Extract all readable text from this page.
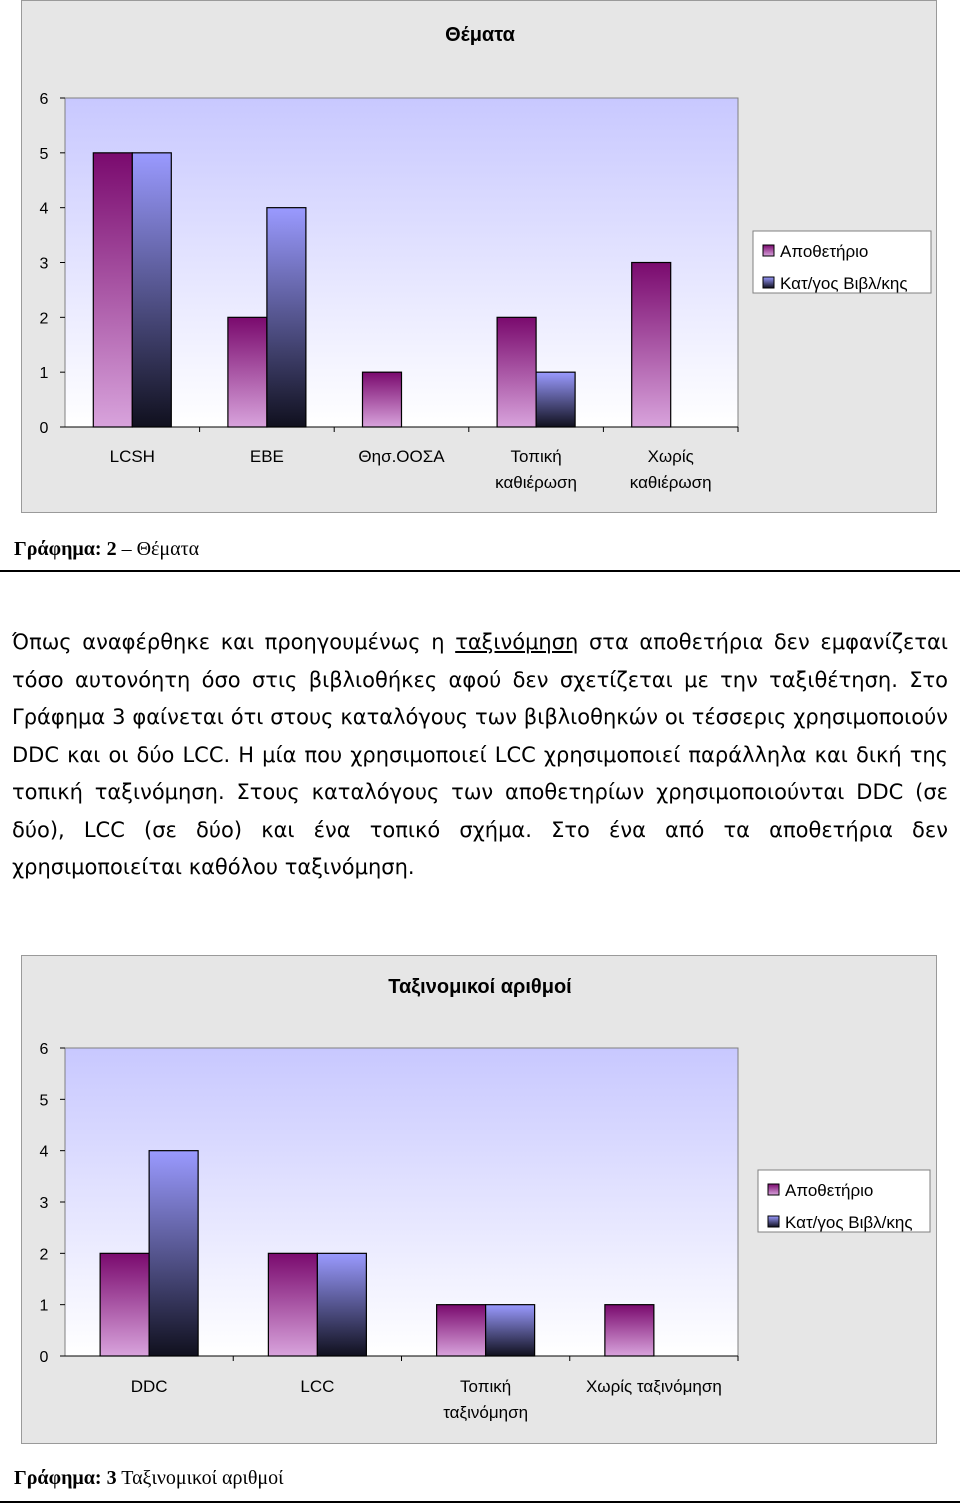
Θέματα
0
1
2
3
4
5
6
LCSH	ΕΒΕ	Θησ.ΟΟΣΑ	Τοπική καθιέρωση
Χωρίς καθιέρωση
Αποθετήριο
Κατ/γος Βιβλ/κης
Γράφημα: 2 – Θέματα
Όπως αναφέρθηκε και προηγουμένως η ταξινόμηση στα αποθετήρια δεν εμφανίζεται τόσο αυτονόητη όσο στις βιβλιοθήκες αφού δεν σχετίζεται με την ταξιθέτηση. Στο Γράφημα 3 φαίνεται ότι στους καταλόγους των βιβλιοθηκών οι τέσσερις χρησιμοποιούν DDC και οι δύο LCC. Η μία που χρησιμοποιεί LCC χρησιμοποιεί παράλληλα και δική της τοπική ταξινόμηση. Στους καταλόγους των αποθετηρίων χρησιμοποιούνται DDC (σε δύο), LCC (σε δύο) και ένα τοπικό σχήμα. Στο ένα από τα αποθετήρια δεν χρησιμοποιείται καθόλου ταξινόμηση.
Ταξινομικοί αριθμοί
0
1
2
3
4
5
6
DDC	LCC	Τοπική ταξινόμηση
Χωρίς ταξινόμηση
Αποθετήριο
Κατ/γος Βιβλ/κης
Γράφημα: 3 Ταξινομικοί αριθμοί
